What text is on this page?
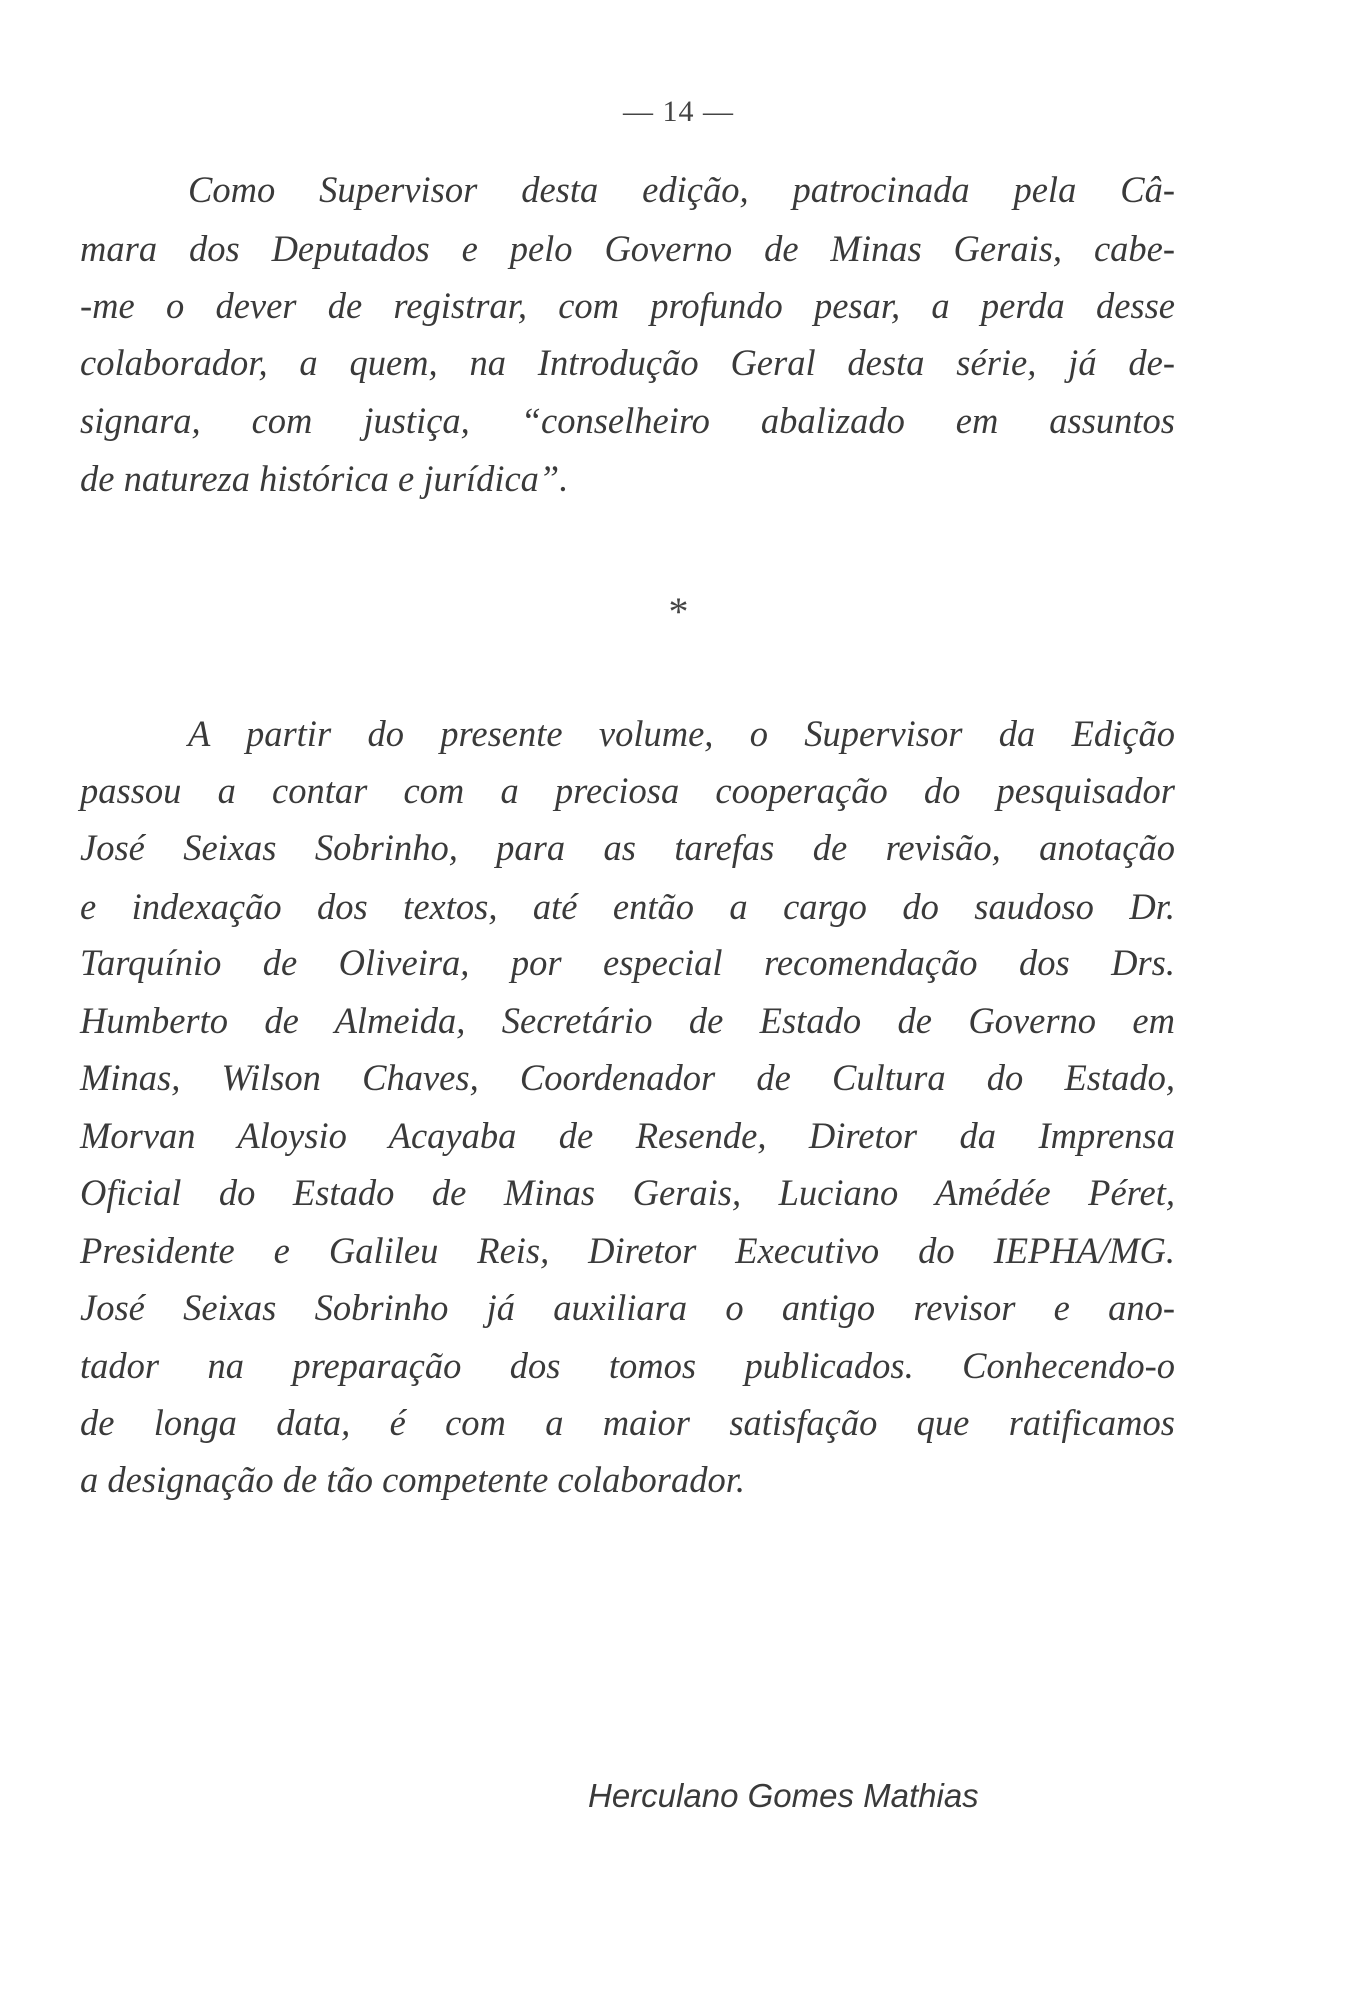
— 14 —
Como Supervisor desta edição, patrocinada pela Câ-
mara dos Deputados e pelo Governo de Minas Gerais, cabe-
-me o dever de registrar, com profundo pesar, a perda desse
colaborador, a quem, na Introdução Geral desta série, já de-
signara, com justiça, “conselheiro abalizado em assuntos
de natureza histórica e jurídica”.
*
A partir do presente volume, o Supervisor da Edição
passou a contar com a preciosa cooperação do pesquisador
José Seixas Sobrinho, para as tarefas de revisão, anotação
e indexação dos textos, até então a cargo do saudoso Dr.
Tarquínio de Oliveira, por especial recomendação dos Drs.
Humberto de Almeida, Secretário de Estado de Governo em
Minas, Wilson Chaves, Coordenador de Cultura do Estado,
Morvan Aloysio Acayaba de Resende, Diretor da Imprensa
Oficial do Estado de Minas Gerais, Luciano Amédée Péret,
Presidente e Galileu Reis, Diretor Executivo do IEPHA/MG.
José Seixas Sobrinho já auxiliara o antigo revisor e ano-
tador na preparação dos tomos publicados. Conhecendo-o
de longa data, é com a maior satisfação que ratificamos
a designação de tão competente colaborador.
Herculano Gomes Mathias
